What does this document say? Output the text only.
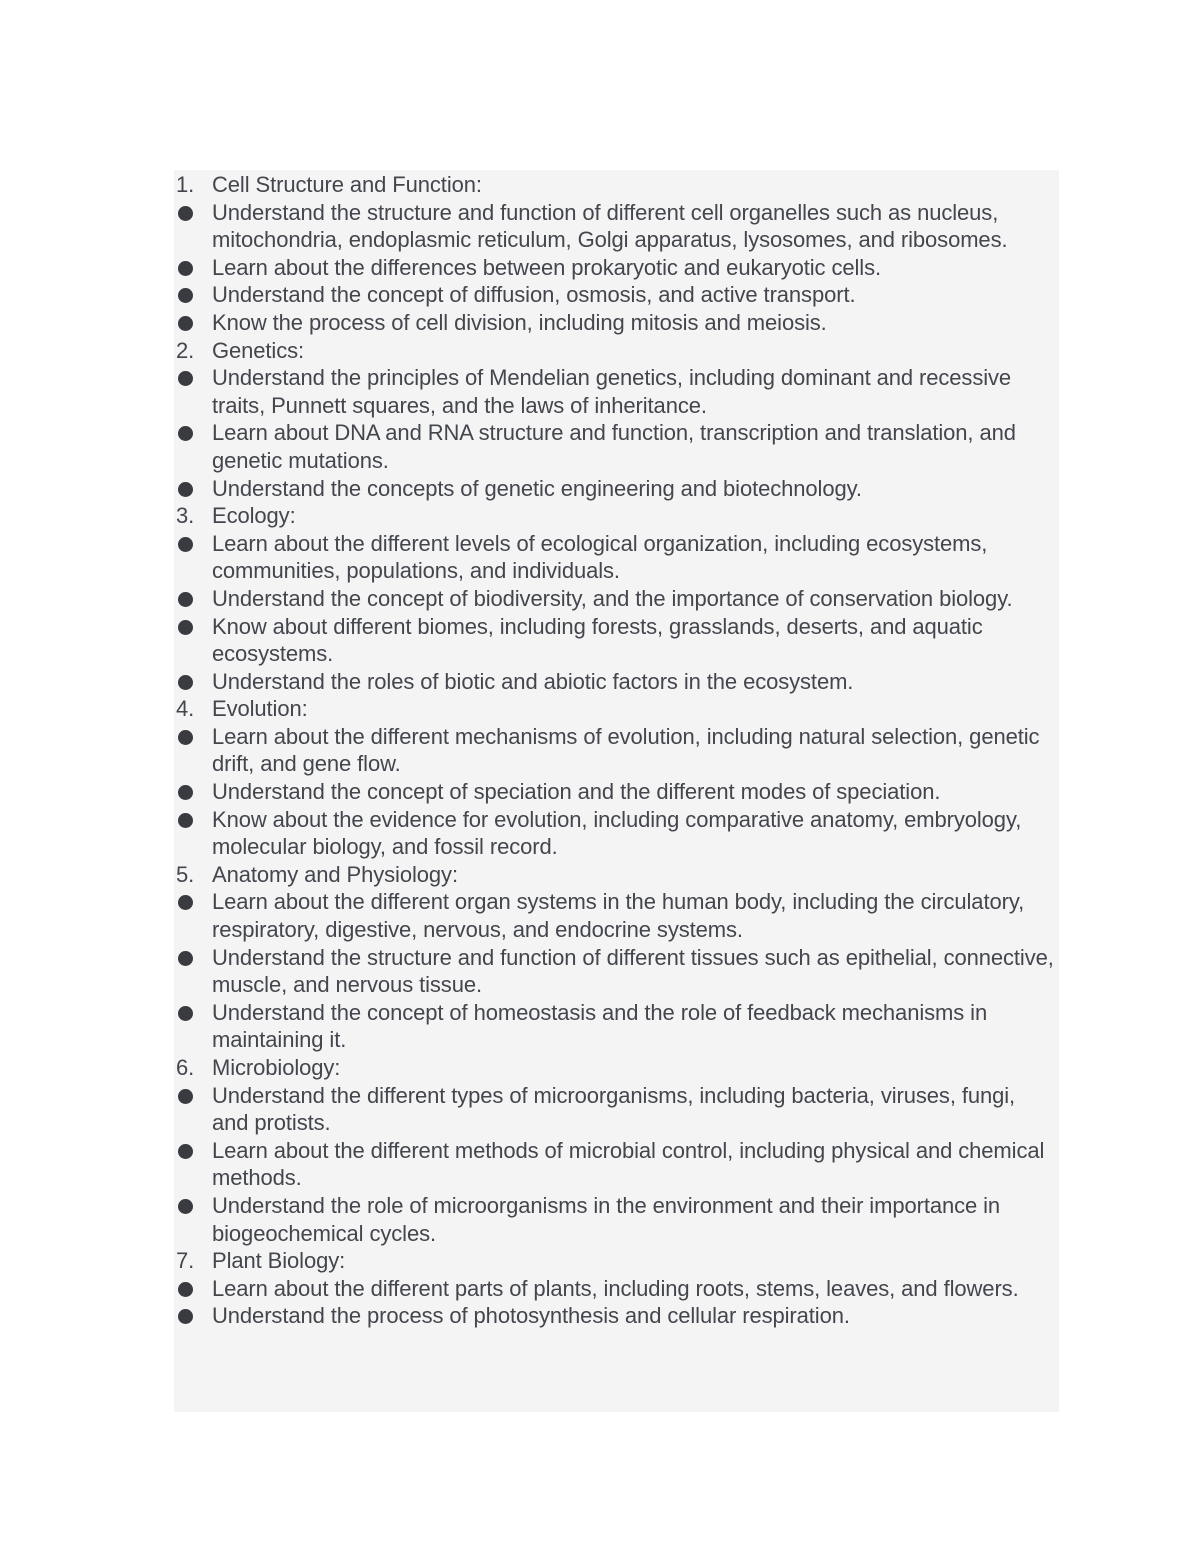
1. Cell Structure and Function:
Understand the structure and function of different cell organelles such as nucleus, mitochondria, endoplasmic reticulum, Golgi apparatus, lysosomes, and ribosomes.
Learn about the differences between prokaryotic and eukaryotic cells.
Understand the concept of diffusion, osmosis, and active transport.
Know the process of cell division, including mitosis and meiosis.
2. Genetics:
Understand the principles of Mendelian genetics, including dominant and recessive traits, Punnett squares, and the laws of inheritance.
Learn about DNA and RNA structure and function, transcription and translation, and genetic mutations.
Understand the concepts of genetic engineering and biotechnology.
3. Ecology:
Learn about the different levels of ecological organization, including ecosystems, communities, populations, and individuals.
Understand the concept of biodiversity, and the importance of conservation biology.
Know about different biomes, including forests, grasslands, deserts, and aquatic ecosystems.
Understand the roles of biotic and abiotic factors in the ecosystem.
4. Evolution:
Learn about the different mechanisms of evolution, including natural selection, genetic drift, and gene flow.
Understand the concept of speciation and the different modes of speciation.
Know about the evidence for evolution, including comparative anatomy, embryology, molecular biology, and fossil record.
5. Anatomy and Physiology:
Learn about the different organ systems in the human body, including the circulatory, respiratory, digestive, nervous, and endocrine systems.
Understand the structure and function of different tissues such as epithelial, connective, muscle, and nervous tissue.
Understand the concept of homeostasis and the role of feedback mechanisms in maintaining it.
6. Microbiology:
Understand the different types of microorganisms, including bacteria, viruses, fungi, and protists.
Learn about the different methods of microbial control, including physical and chemical methods.
Understand the role of microorganisms in the environment and their importance in biogeochemical cycles.
7. Plant Biology:
Learn about the different parts of plants, including roots, stems, leaves, and flowers.
Understand the process of photosynthesis and cellular respiration.
